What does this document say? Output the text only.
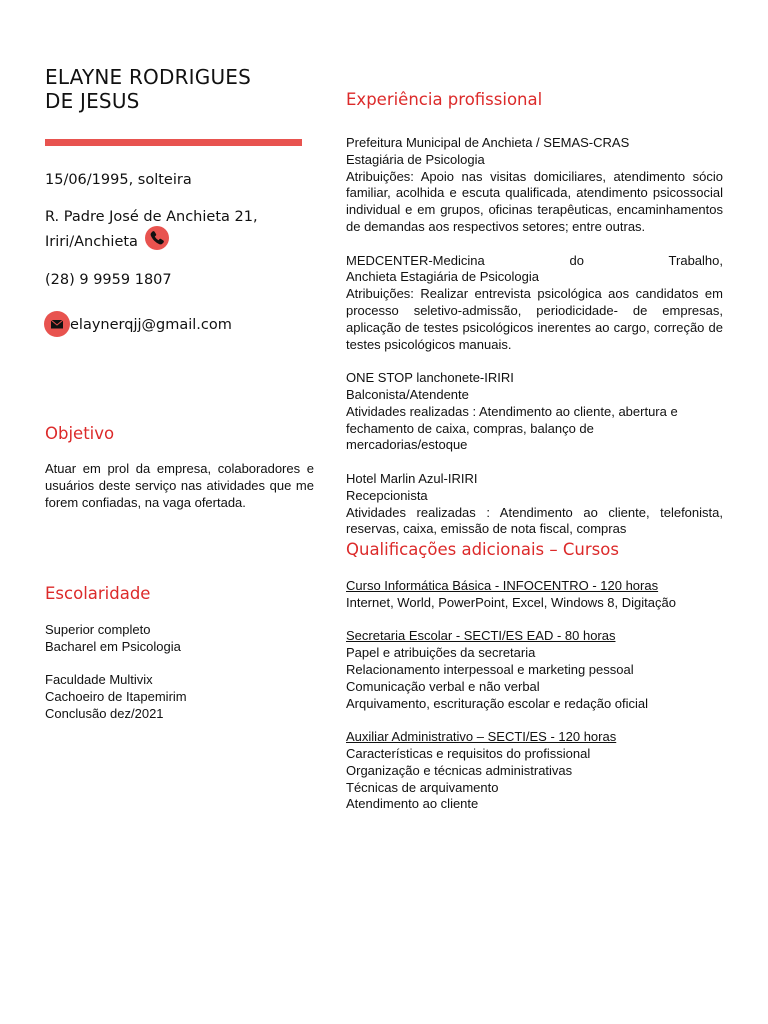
ELAYNE RODRIGUES
DE JESUS
15/06/1995, solteira
R. Padre José de Anchieta 21,
Iriri/Anchieta
(28) 9 9959 1807
elaynerqjj@gmail.com
Objetivo
Atuar em prol da empresa, colaboradores e usuários deste serviço nas atividades que me forem confiadas, na vaga ofertada.
Escolaridade

Superior completo

Bacharel em Psicologia

Faculdade Multivix

Cachoeiro de Itapemirim

Conclusão dez/2021

Experiência profissional

Prefeitura Municipal de Anchieta / SEMAS-CRAS

Estagiária de Psicologia

Atribuições: Apoio nas visitas domiciliares, atendimento sócio familiar, acolhida e escuta qualificada, atendimento psicossocial individual e em grupos, oficinas terapêuticas, encaminhamentos de demandas aos respectivos setores; entre outras.

MEDCENTER-Medicina do Trabalho,

Anchieta Estagiária de Psicologia

Atribuições: Realizar entrevista psicológica aos candidatos em processo seletivo-admissão, periodicidade- de empresas, aplicação de testes psicológicos inerentes ao cargo, correção de testes psicológicos manuais.

ONE STOP lanchonete-IRIRI

Balconista/Atendente

Atividades realizadas : Atendimento ao cliente, abertura e fechamento de caixa, compras, balanço de mercadorias/estoque

Hotel Marlin Azul-IRIRI

Recepcionista

Atividades realizadas : Atendimento ao cliente, telefonista, reservas, caixa, emissão de nota fiscal, compras

Qualificações adicionais – Cursos

Curso Informática Básica - INFOCENTRO - 120 horas

Internet, World, PowerPoint, Excel, Windows 8, Digitação

Secretaria Escolar - SECTI/ES EAD - 80 horas

Papel e atribuições da secretaria

Relacionamento interpessoal e marketing pessoal

Comunicação verbal e não verbal

Arquivamento, escrituração escolar e redação oficial

Auxiliar Administrativo – SECTI/ES - 120 horas

Características e requisitos do profissional

Organização e técnicas administrativas

Técnicas de arquivamento

Atendimento ao cliente
